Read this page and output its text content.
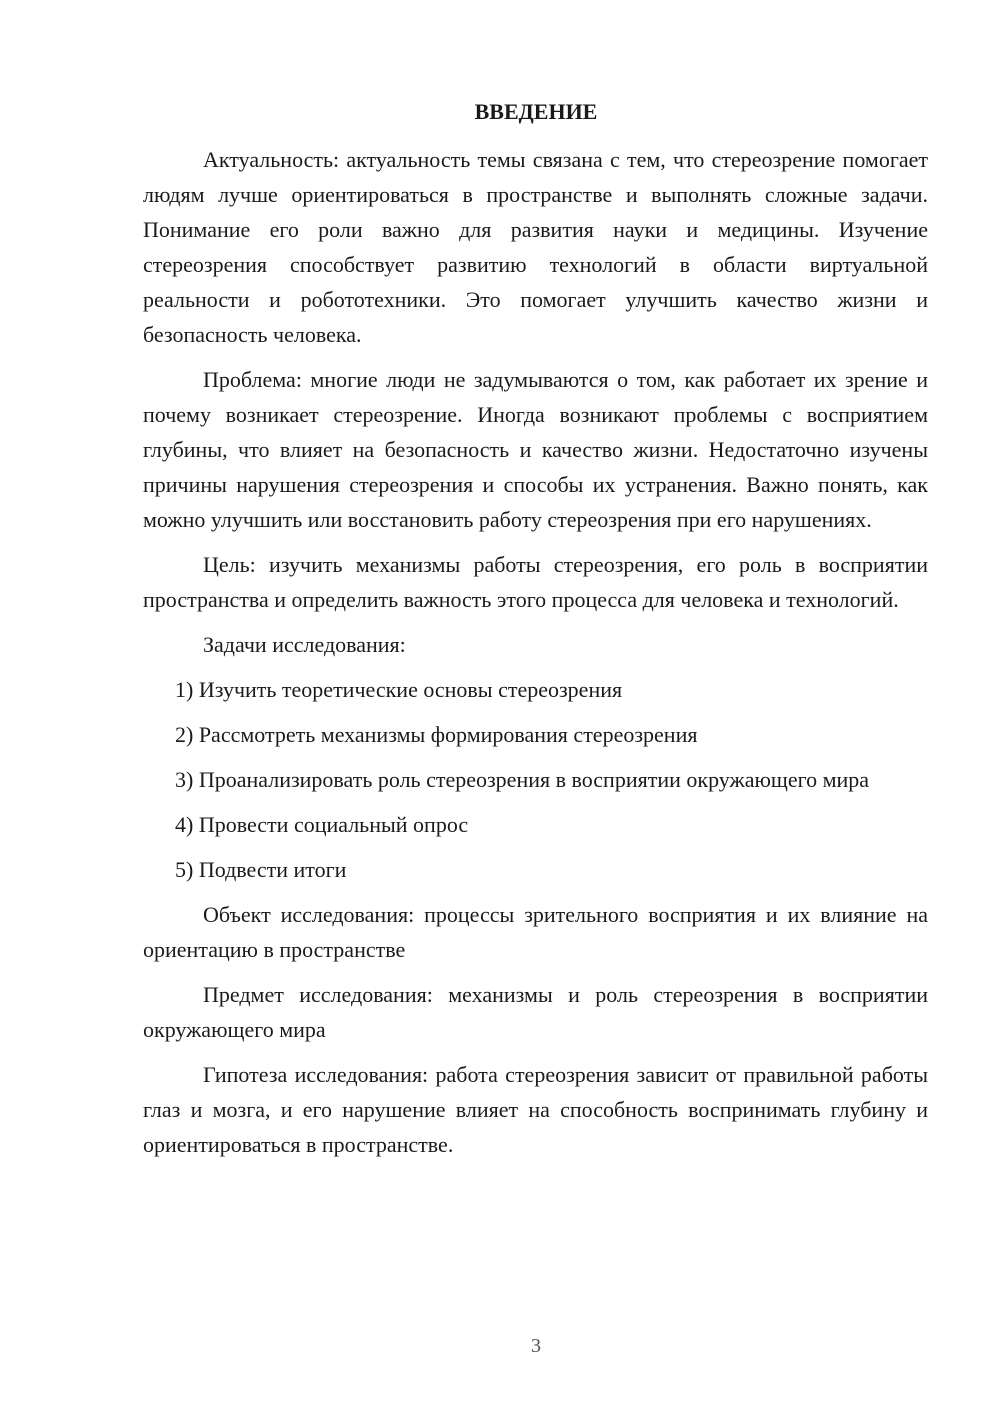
ВВЕДЕНИЕ

Актуальность: актуальность темы связана с тем, что стереозрение помогает людям лучше ориентироваться в пространстве и выполнять сложные задачи. Понимание его роли важно для развития науки и медицины. Изучение стереозрения способствует развитию технологий в области виртуальной реальности и робототехники. Это помогает улучшить качество жизни и безопасность человека.

Проблема: многие люди не задумываются о том, как работает их зрение и почему возникает стереозрение. Иногда возникают проблемы с восприятием глубины, что влияет на безопасность и качество жизни. Недостаточно изучены причины нарушения стереозрения и способы их устранения. Важно понять, как можно улучшить или восстановить работу стереозрения при его нарушениях.

Цель: изучить механизмы работы стереозрения, его роль в восприятии пространства и определить важность этого процесса для человека и технологий.

Задачи исследования:

1) Изучить теоретические основы стереозрения

2) Рассмотреть механизмы формирования стереозрения

3) Проанализировать роль стереозрения в восприятии окружающего мира

4) Провести социальный опрос

5) Подвести итоги

Объект исследования: процессы зрительного восприятия и их влияние на ориентацию в пространстве

Предмет исследования: механизмы и роль стереозрения в восприятии окружающего мира

Гипотеза исследования: работа стереозрения зависит от правильной работы глаз и мозга, и его нарушение влияет на способность воспринимать глубину и ориентироваться в пространстве.

3
